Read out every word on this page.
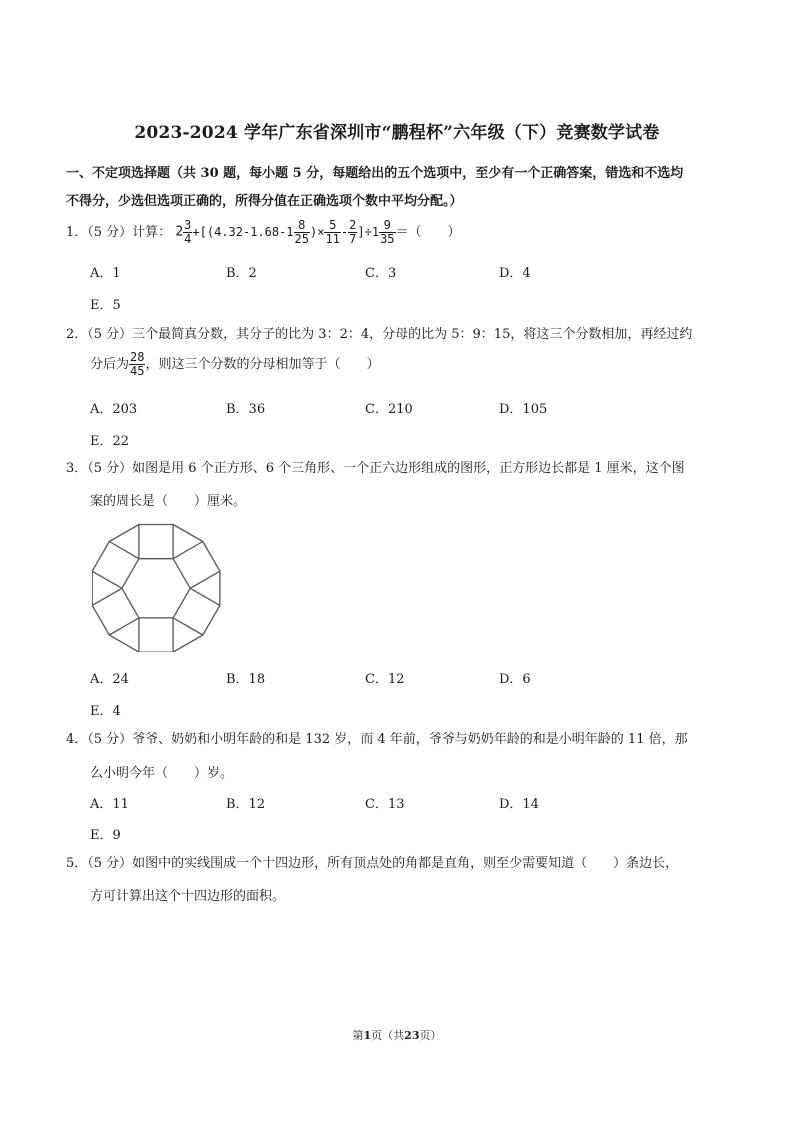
2023-2024 学年广东省深圳市“鹏程杯”六年级（下）竞赛数学试卷
一、不定项选择题（共 30 题，每小题 5 分，每题给出的五个选项中，至少有一个正确答案，错选和不选均
不得分，少选但选项正确的，所得分值在正确选项个数中平均分配。）
1．（5 分）计算： $2 \frac{3}{4} +[(4.32-1.68-1 \frac{8}{25}$ )× $\frac{5}{11} - \frac{2}{7} ]\div 1 \frac{9}{35}$ ＝（　　）
A．1	B．2	C．3	D．4
E．5
2．（5 分）三个最简真分数，其分子的比为 3：2：4，分母的比为 5：9：15，将这三个分数相加，再经过约
分后为 $\frac{28}{45}$ ，则这三个分数的分母相加等于（　　）
A．203	B．36	C．210	D．105
E．22
3．（5 分）如图是用 6 个正方形、6 个三角形、一个正六边形组成的图形，正方形边长都是 1 厘米，这个图
案的周长是（　　）厘米。
A．24	B．18	C．12	D．6
E．4
4．（5 分）爷爷、奶奶和小明年龄的和是 132 岁，而 4 年前，爷爷与奶奶年龄的和是小明年龄的 11 倍，那
么小明今年（　　）岁。
A．11	B．12	C．13	D．14
E．9
5．（5 分）如图中的实线围成一个十四边形，所有顶点处的角都是直角，则至少需要知道（　　）条边长，
方可计算出这个十四边形的面积。
第1页（共23页）
